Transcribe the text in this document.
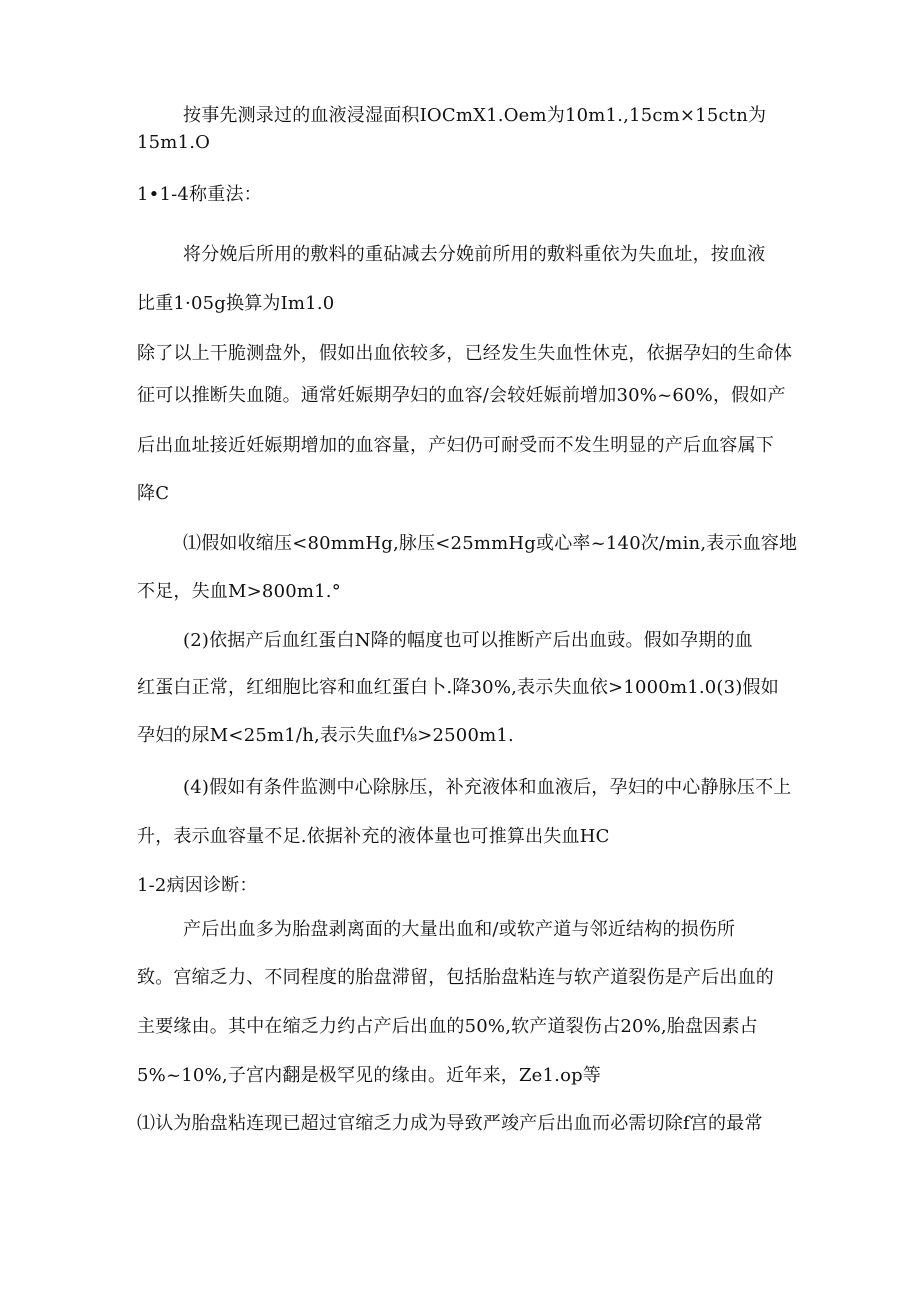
按事先测录过的血液浸湿面积IOCmX1.Oem为10m1.,15cm×15ctn为
15m1.O
1•1-4称重法：
将分娩后所用的敷料的重砧减去分娩前所用的敷料重依为失血址，按血液
比重1·05g换算为Im1.0
除了以上干脆测盘外，假如出血依较多，已经发生失血性休克，依据孕妇的生命体
征可以推断失血随。通常妊娠期孕妇的血容/会较妊娠前增加30%~60%，假如产
后出血址接近妊娠期增加的血容量，产妇仍可耐受而不发生明显的产后血容属下
降C
⑴假如收缩压<80mmHg,脉压<25mmHg或心率~140次∕min,表示血容地
不足，失血M>800m1.°
(2)依据产后血红蛋白N降的幅度也可以推断产后出血豉。假如孕期的血
红蛋白正常，红细胞比容和血红蛋白卜.降30%,表示失血依>1000m1.0(3)假如
孕妇的尿M<25m1∕h,表示失血f⅛>2500m1.
(4)假如有条件监测中心除脉压，补充液体和血液后，孕妇的中心静脉压不上
升，表示血容量不足.依据补充的液体量也可推算出失血HC
1-2病因诊断：
产后出血多为胎盘剥离面的大量出血和/或软产道与邻近结构的损伤所
致。宫缩乏力、不同程度的胎盘滞留，包括胎盘粘连与软产道裂伤是产后出血的
主要缘由。其中在缩乏力约占产后出血的50%,软产道裂伤占20%,胎盘因素占
5%~10%,子宫内翻是极罕见的缘由。近年来，Ze1.op等
⑴认为胎盘粘连现已超过官缩乏力成为导致严竣产后出血而必需切除f宫的最常
